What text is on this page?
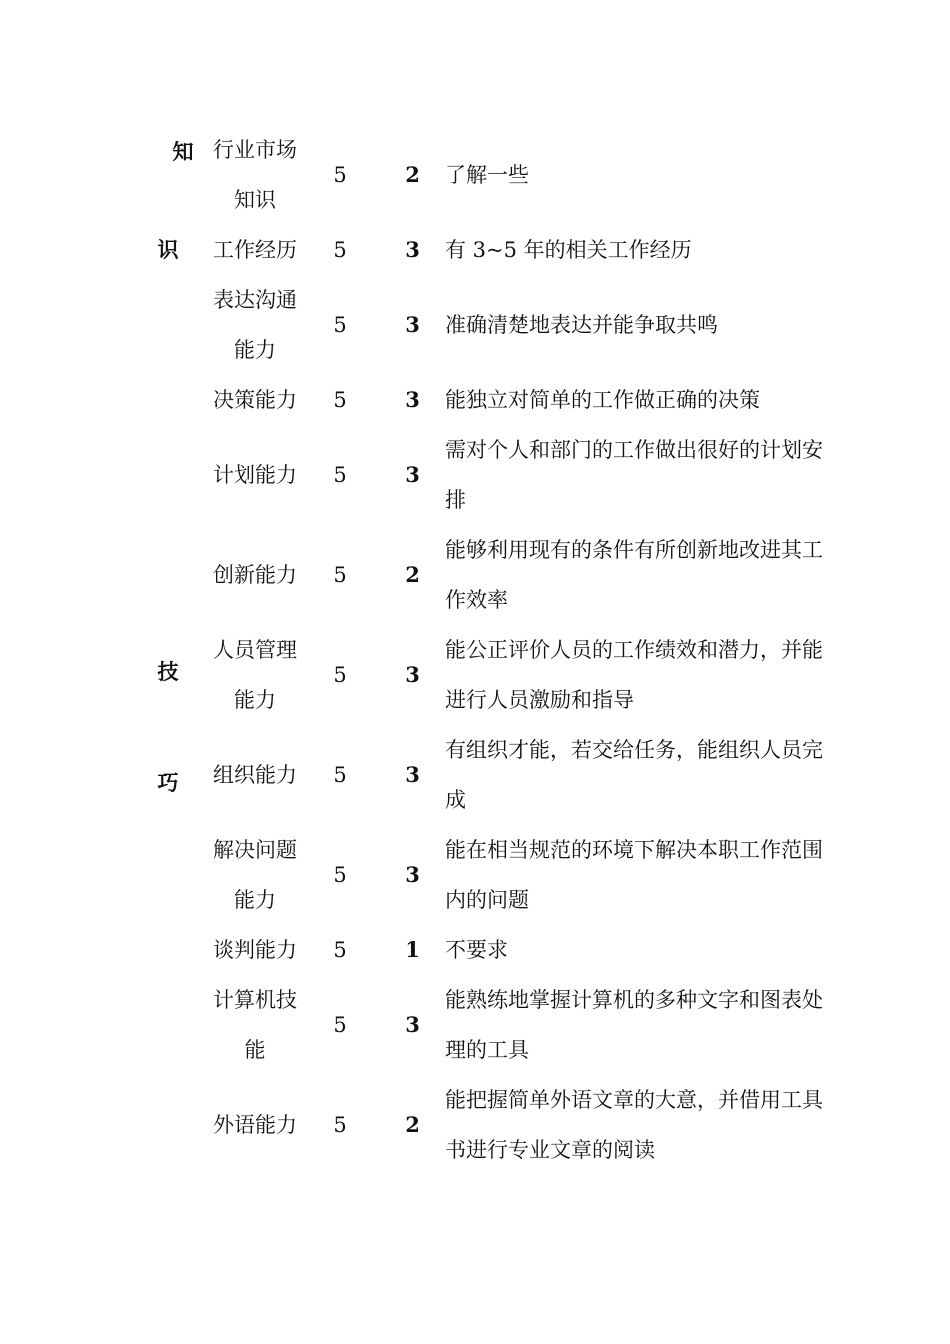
知
识
技
巧
	行业市场知识	5	2	了解一些
	工作经历	5	3	有 3~5 年的相关工作经历
	表达沟通能力	5	3	准确清楚地表达并能争取共鸣
	决策能力	5	3	能独立对简单的工作做正确的决策
	计划能力	5	3	需对个人和部门的工作做出很好的计划安排
	创新能力	5	2	能够利用现有的条件有所创新地改进其工作效率
	人员管理能力	5	3	能公正评价人员的工作绩效和潜力，并能进行人员激励和指导
	组织能力	5	3	有组织才能，若交给任务，能组织人员完成
	解决问题能力	5	3	能在相当规范的环境下解决本职工作范围内的问题
	谈判能力	5	1	不要求
	计算机技能	5	3	能熟练地掌握计算机的多种文字和图表处理的工具
	外语能力	5	2	能把握简单外语文章的大意，并借用工具书进行专业文章的阅读
